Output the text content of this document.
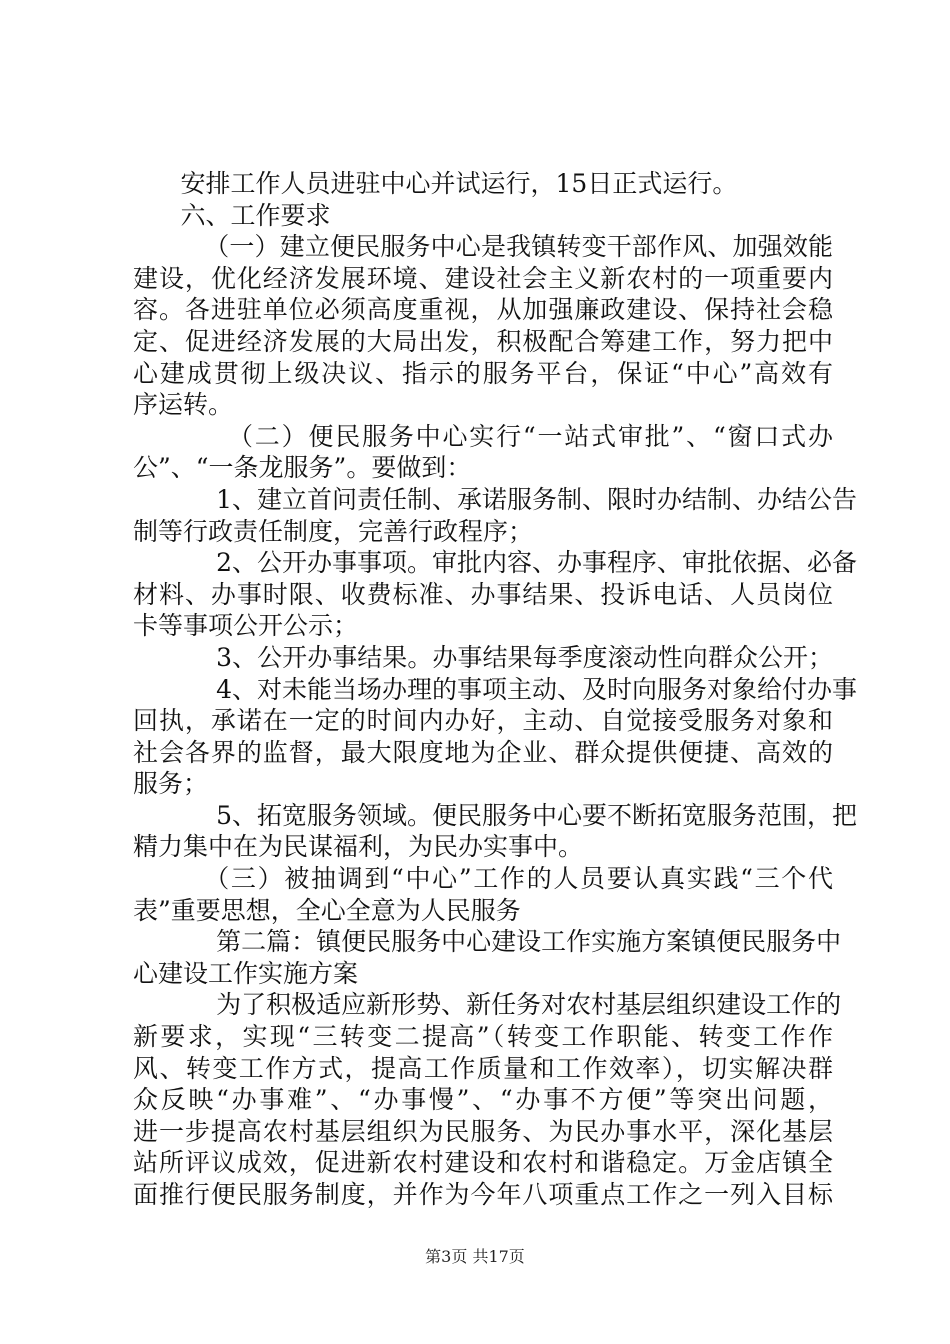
安排工作人员进驻中心并试运行，15日正式运行。
六、工作要求
（一）建立便民服务中心是我镇转变干部作风、加强效能
建设，优化经济发展环境、建设社会主义新农村的一项重要内
容。各进驻单位必须高度重视，从加强廉政建设、保持社会稳
定、促进经济发展的大局出发，积极配合筹建工作，努力把中
心建成贯彻上级决议、指示的服务平台，保证“中心”高效有
序运转。
（二）便民服务中心实行“一站式审批”、“窗口式办
公”、“一条龙服务”。要做到：
1、建立首问责任制、承诺服务制、限时办结制、办结公告
制等行政责任制度，完善行政程序；
2、公开办事事项。审批内容、办事程序、审批依据、必备
材料、办事时限、收费标准、办事结果、投诉电话、人员岗位
卡等事项公开公示；
3、公开办事结果。办事结果每季度滚动性向群众公开；
4、对未能当场办理的事项主动、及时向服务对象给付办事
回执，承诺在一定的时间内办好，主动、自觉接受服务对象和
社会各界的监督，最大限度地为企业、群众提供便捷、高效的
服务；
5、拓宽服务领域。便民服务中心要不断拓宽服务范围，把
精力集中在为民谋福利，为民办实事中。
（三）被抽调到“中心”工作的人员要认真实践“三个代
表”重要思想，全心全意为人民服务
第二篇：镇便民服务中心建设工作实施方案镇便民服务中
心建设工作实施方案
为了积极适应新形势、新任务对农村基层组织建设工作的
新要求，实现“三转变二提高”（转变工作职能、转变工作作
风、转变工作方式，提高工作质量和工作效率），切实解决群
众反映“办事难”、“办事慢”、“办事不方便”等突出问题，
进一步提高农村基层组织为民服务、为民办事水平，深化基层
站所评议成效，促进新农村建设和农村和谐稳定。万金店镇全
面推行便民服务制度，并作为今年八项重点工作之一列入目标
第3页 共17页
